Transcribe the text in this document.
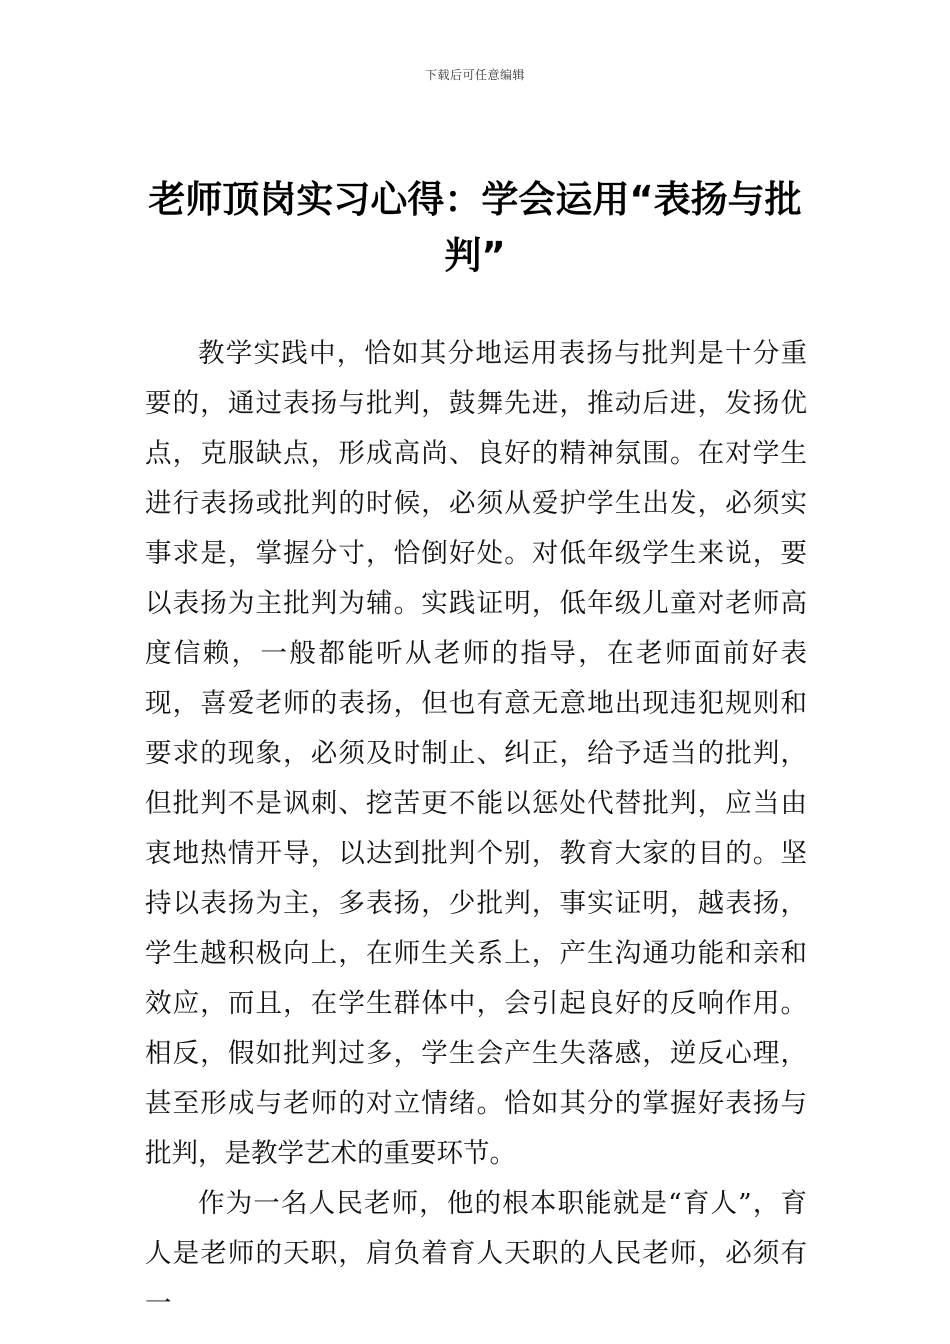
下载后可任意编辑
老师顶岗实习心得：学会运用“表扬与批判”

教学实践中，恰如其分地运用表扬与批判是十分重要的，通过表扬与批判，鼓舞先进，推动后进，发扬优点，克服缺点，形成高尚、良好的精神氛围。在对学生进行表扬或批判的时候，必须从爱护学生出发，必须实事求是，掌握分寸，恰倒好处。对低年级学生来说，要以表扬为主批判为辅。实践证明，低年级儿童对老师高度信赖，一般都能听从老师的指导，在老师面前好表现，喜爱老师的表扬，但也有意无意地出现违犯规则和要求的现象，必须及时制止、纠正，给予适当的批判，但批判不是讽刺、挖苦更不能以惩处代替批判，应当由衷地热情开导，以达到批判个别，教育大家的目的。坚持以表扬为主，多表扬，少批判，事实证明，越表扬，学生越积极向上，在师生关系上，产生沟通功能和亲和效应，而且，在学生群体中，会引起良好的反响作用。相反，假如批判过多，学生会产生失落感，逆反心理，甚至形成与老师的对立情绪。恰如其分的掌握好表扬与批判，是教学艺术的重要环节。

作为一名人民老师，他的根本职能就是“育人”，育人是老师的天职，肩负着育人天职的人民老师，必须有一
